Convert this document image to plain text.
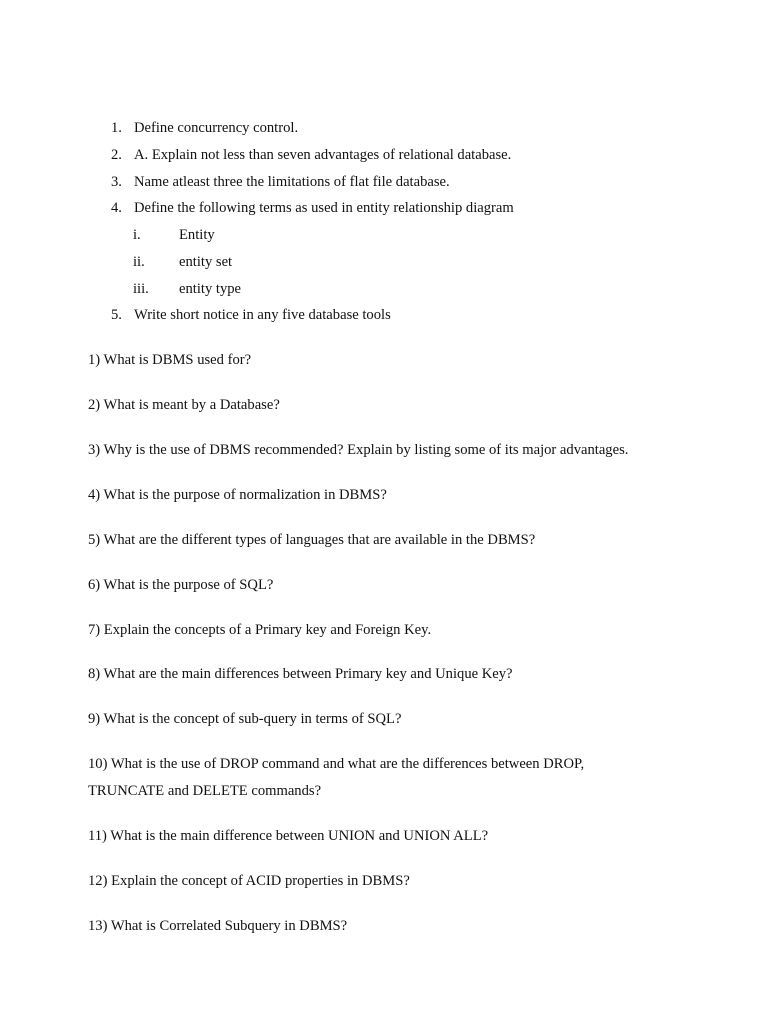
1. Define concurrency control.
2. A. Explain not less than seven advantages of relational database.
3. Name atleast three the limitations of flat file database.
4. Define the following terms as used in entity relationship diagram
i.	Entity
ii. entity set
iii. entity type
5. Write short notice in any five database tools
1) What is DBMS used for?
2) What is meant by a Database?
3) Why is the use of DBMS recommended? Explain by listing some of its major advantages.
4) What is the purpose of normalization in DBMS?
5) What are the different types of languages that are available in the DBMS?
6) What is the purpose of SQL?
7) Explain the concepts of a Primary key and Foreign Key.
8) What are the main differences between Primary key and Unique Key?
9) What is the concept of sub-query in terms of SQL?
10) What is the use of DROP command and what are the differences between DROP,
TRUNCATE and DELETE commands?
11) What is the main difference between UNION and UNION ALL?
12) Explain the concept of ACID properties in DBMS?
13) What is Correlated Subquery in DBMS?
